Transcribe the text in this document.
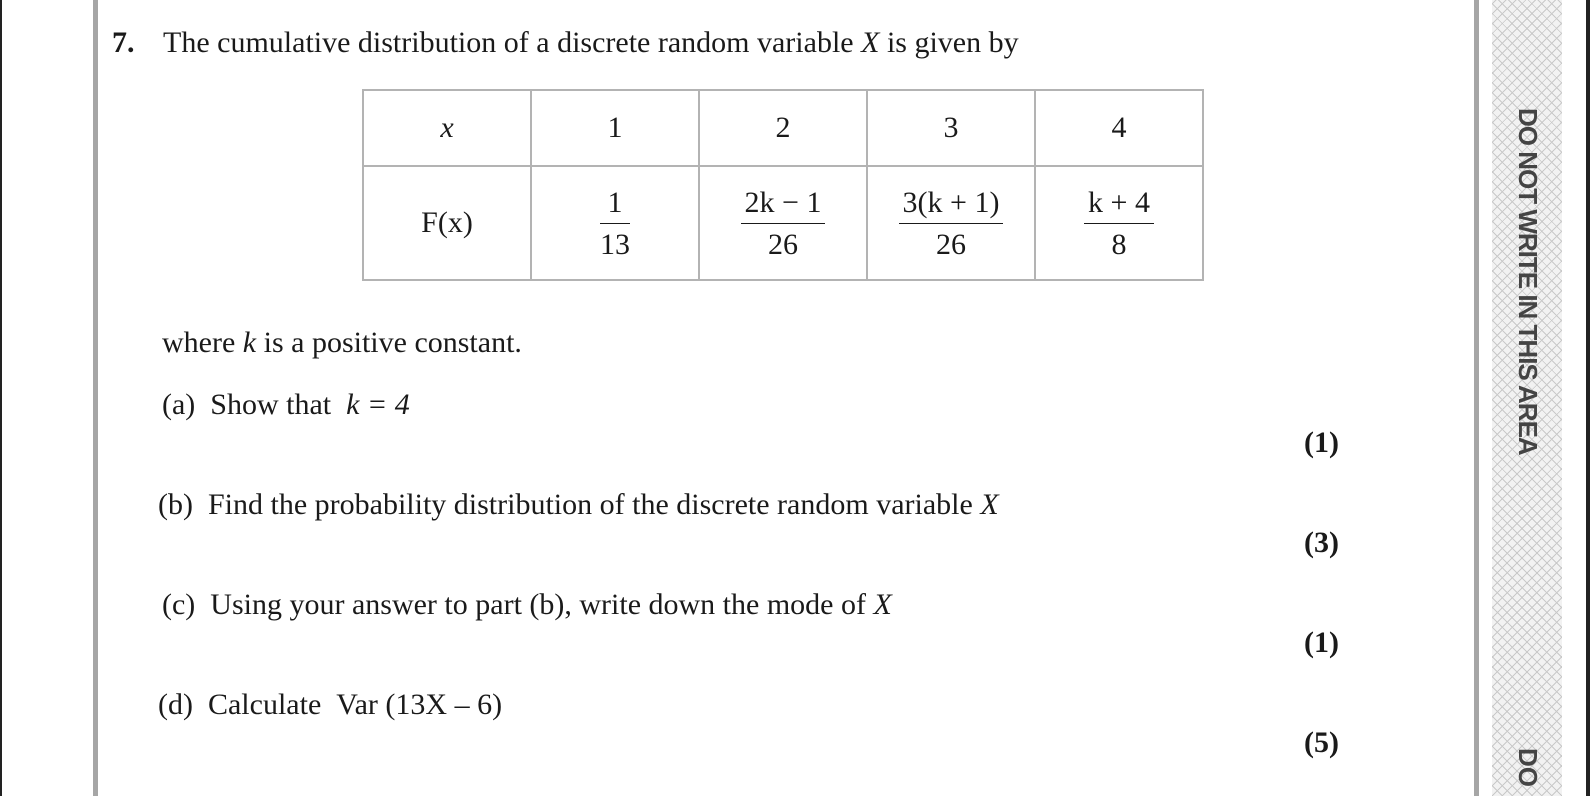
7. The cumulative distribution of a discrete random variable X is given by
x	1	2	3	4
F(x)	$\frac{1}{13}$	$\frac{2k - 1}{26}$	$\frac{3(k + 1)}{26}$	$\frac{k + 4}{8}$
where k is a positive constant.
(a) Show that  k = 4
(1)
(b) Find the probability distribution of the discrete random variable X
(3)
(c) Using your answer to part (b), write down the mode of X
(1)
(d) Calculate  Var (13X – 6)
(5)
DO NOT WRITE IN THIS AREA
DO
